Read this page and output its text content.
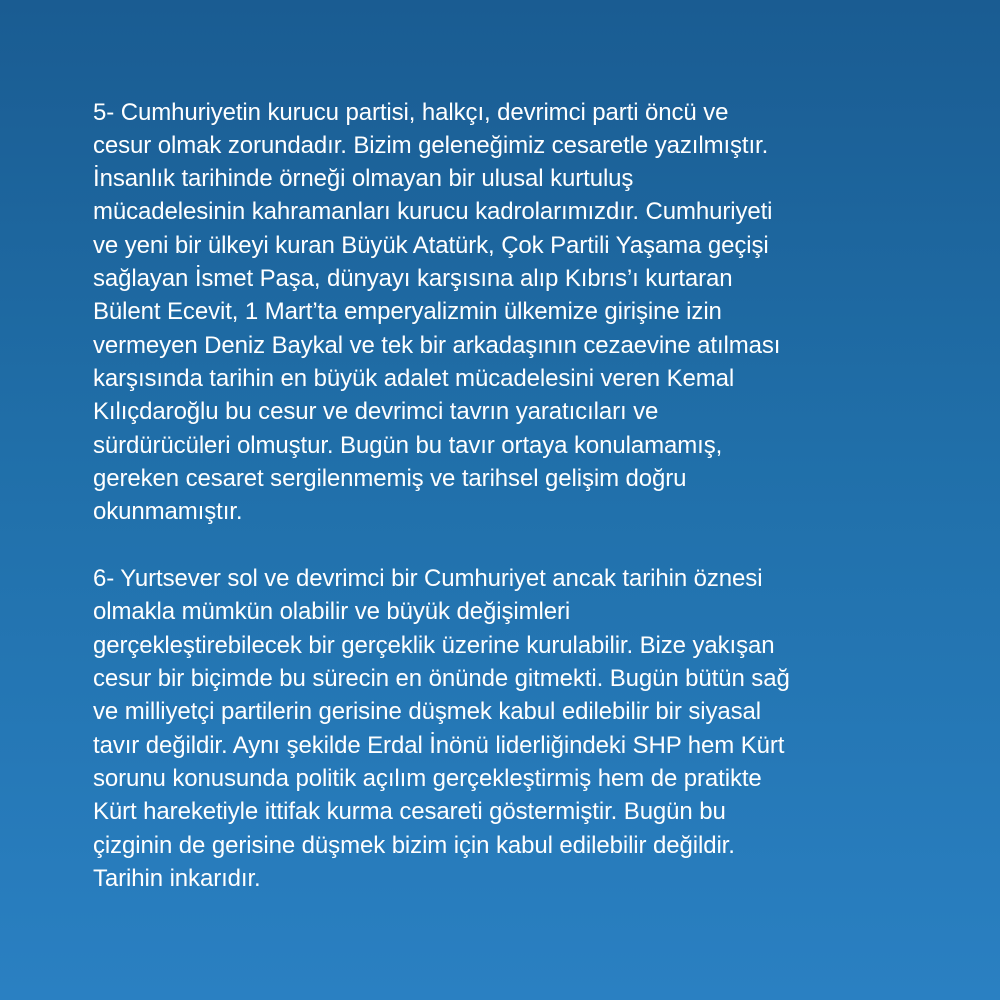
5- Cumhuriyetin kurucu partisi, halkçı, devrimci parti öncü ve
cesur olmak zorundadır. Bizim geleneğimiz cesaretle yazılmıştır.
İnsanlık tarihinde örneği olmayan bir ulusal kurtuluş
mücadelesinin kahramanları kurucu kadrolarımızdır. Cumhuriyeti
ve yeni bir ülkeyi kuran Büyük Atatürk, Çok Partili Yaşama geçişi
sağlayan İsmet Paşa, dünyayı karşısına alıp Kıbrıs’ı kurtaran
Bülent Ecevit, 1 Mart’ta emperyalizmin ülkemize girişine izin
vermeyen Deniz Baykal ve tek bir arkadaşının cezaevine atılması
karşısında tarihin en büyük adalet mücadelesini veren Kemal
Kılıçdaroğlu bu cesur ve devrimci tavrın yaratıcıları ve
sürdürücüleri olmuştur. Bugün bu tavır ortaya konulamamış,
gereken cesaret sergilenmemiş ve tarihsel gelişim doğru
okunmamıştır.
6- Yurtsever sol ve devrimci bir Cumhuriyet ancak tarihin öznesi
olmakla mümkün olabilir ve büyük değişimleri
gerçekleştirebilecek bir gerçeklik üzerine kurulabilir. Bize yakışan
cesur bir biçimde bu sürecin en önünde gitmekti. Bugün bütün sağ
ve milliyetçi partilerin gerisine düşmek kabul edilebilir bir siyasal
tavır değildir. Aynı şekilde Erdal İnönü liderliğindeki SHP hem Kürt
sorunu konusunda politik açılım gerçekleştirmiş hem de pratikte
Kürt hareketiyle ittifak kurma cesareti göstermiştir. Bugün bu
çizginin de gerisine düşmek bizim için kabul edilebilir değildir.
Tarihin inkarıdır.
